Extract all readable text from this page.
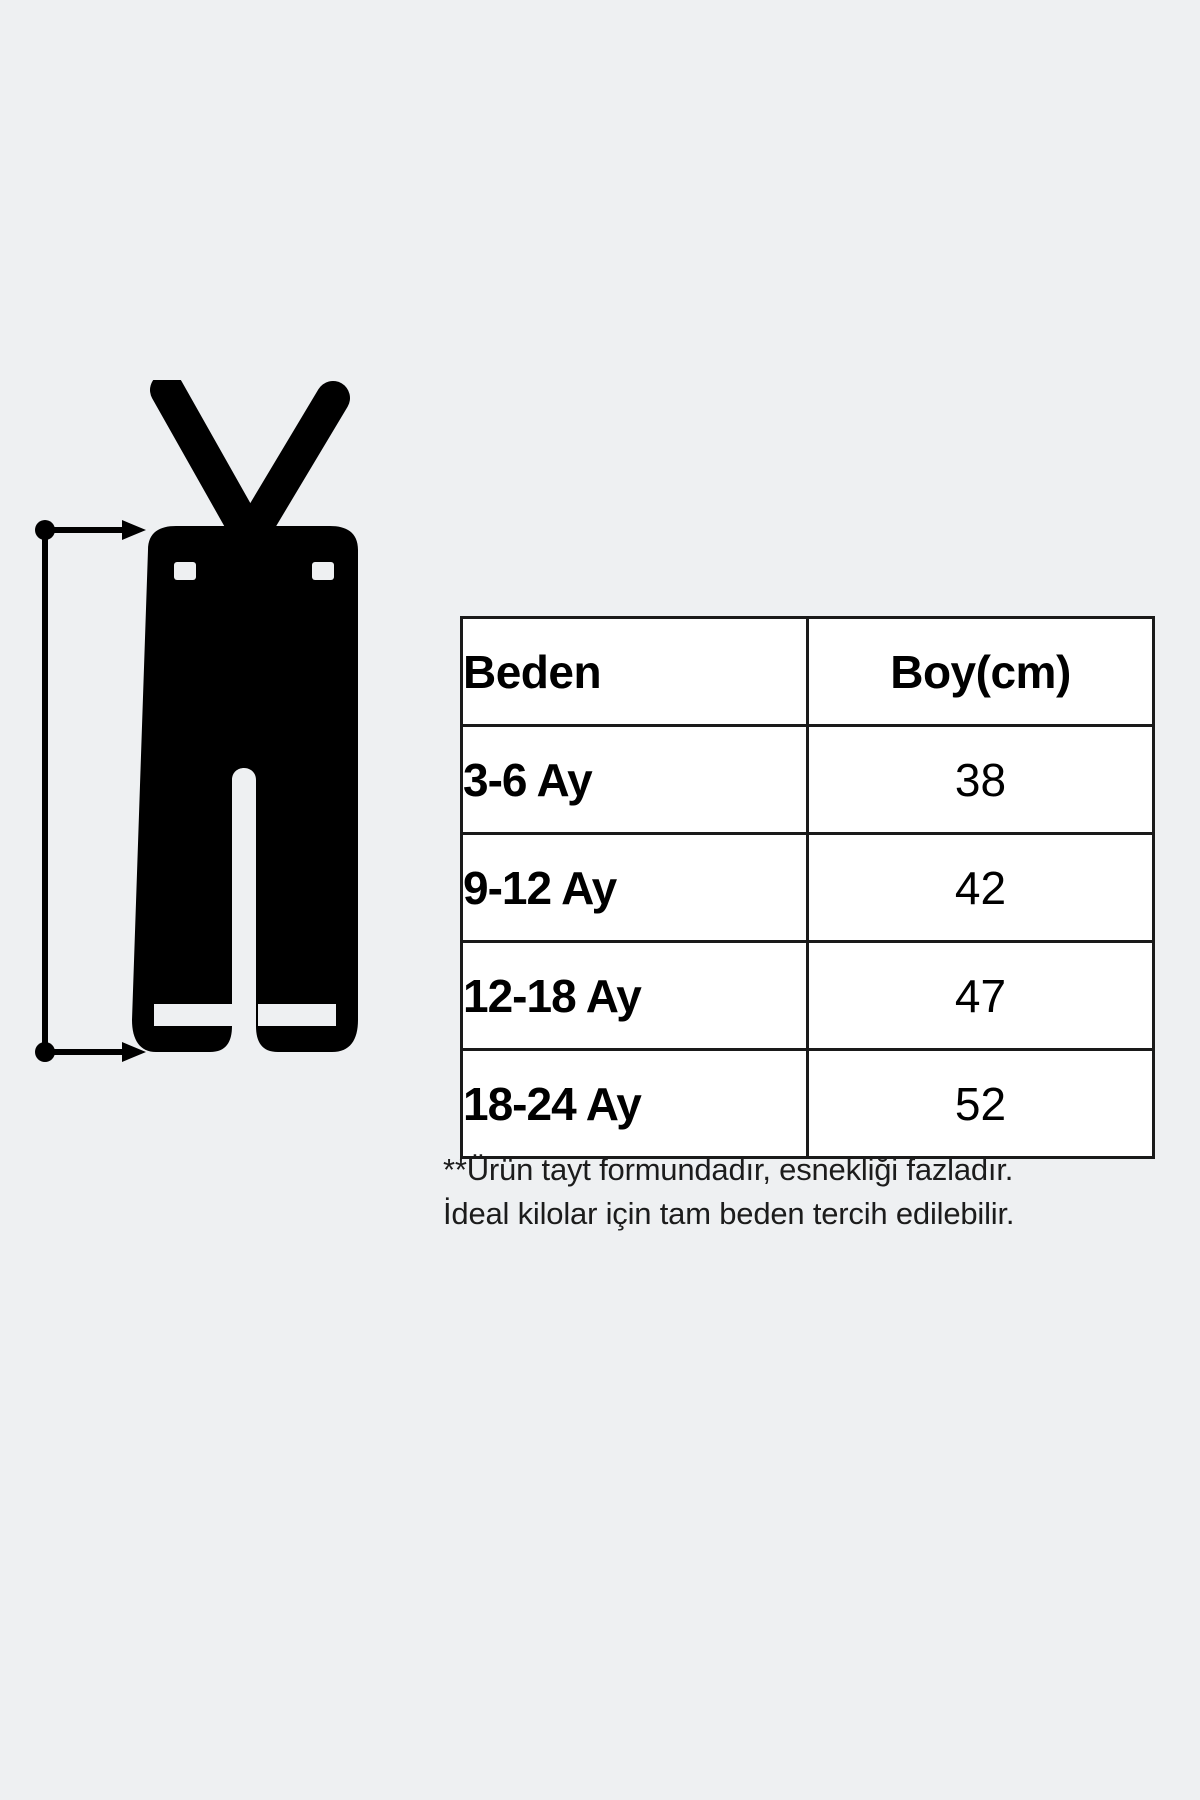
Beden	Boy(cm)
3-6 Ay	38
9-12 Ay	42
12-18 Ay	47
18-24 Ay	52
**Ürün tayt formundadır, esnekliği fazladır.
İdeal kilolar için tam beden tercih edilebilir.
